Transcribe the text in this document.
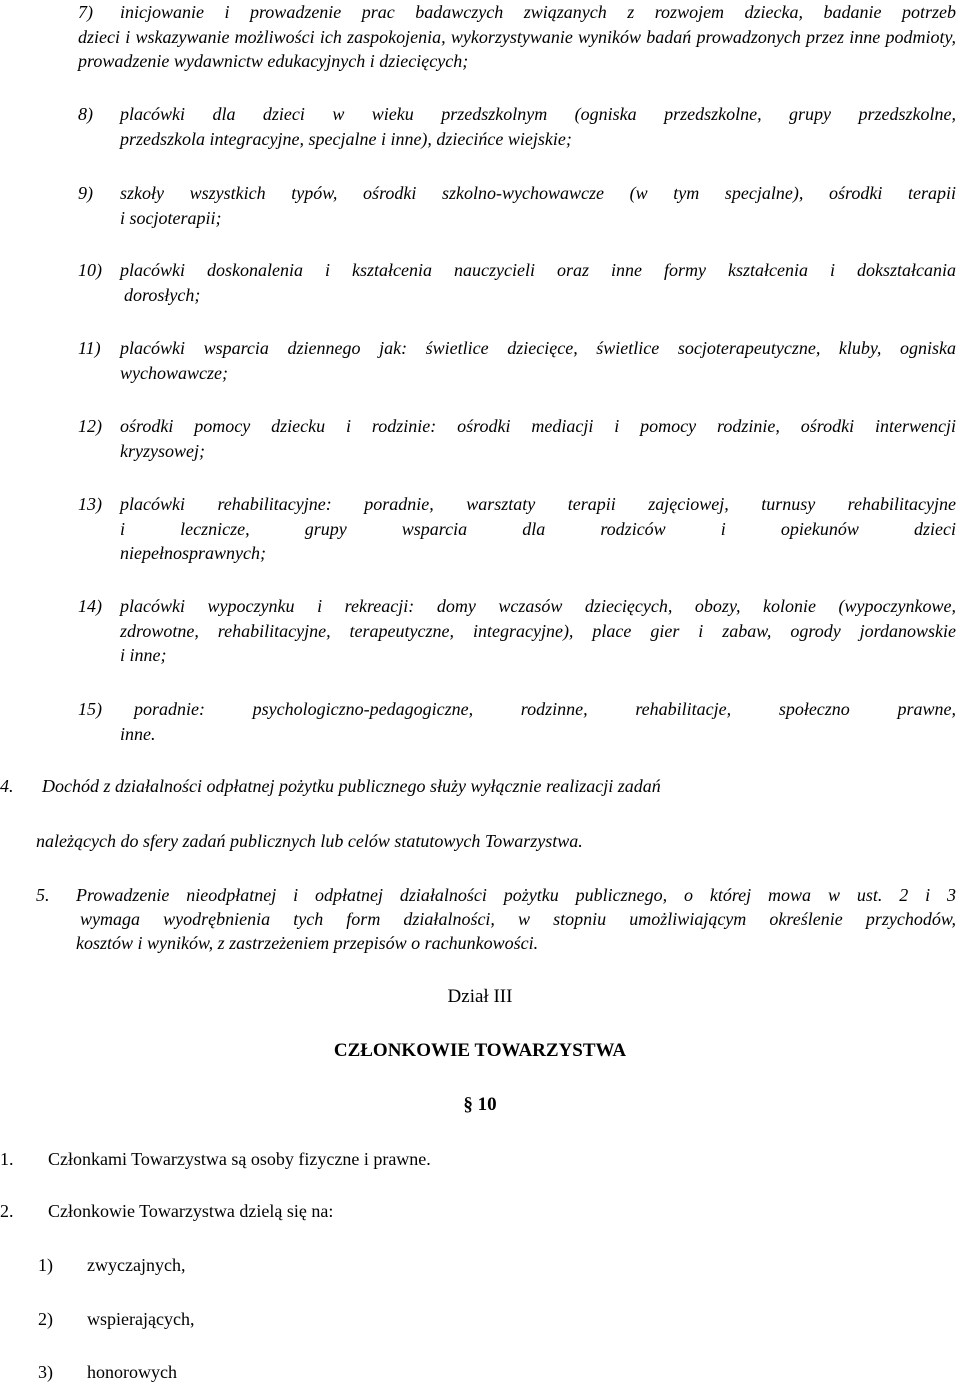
7)	inicjowanie i prowadzenie prac badawczych związanych z rozwojem dziecka, badanie potrzeb
dzieci i wskazywanie możliwości ich zaspokojenia, wykorzystywanie wyników badań prowadzonych przez inne podmioty, prowadzenie wydawnictw edukacyjnych i dziecięcych;
8)	placówki dla dzieci w wieku przedszkolnym (ogniska przedszkolne, grupy przedszkolne,
przedszkola integracyjne, specjalne i inne), dziecińce wiejskie;
9)	szkoły wszystkich typów, ośrodki szkolno-wychowawcze (w tym specjalne), ośrodki terapii
i socjoterapii;
10)	placówki doskonalenia i kształcenia nauczycieli oraz inne formy kształcenia i dokształcania
dorosłych;
11)	placówki wsparcia dziennego jak: świetlice dziecięce, świetlice socjoterapeutyczne, kluby, ogniska
wychowawcze;
12)	ośrodki pomocy dziecku i rodzinie: ośrodki mediacji i pomocy rodzinie, ośrodki interwencji
kryzysowej;
13)	placówki rehabilitacyjne: poradnie, warsztaty terapii zajęciowej, turnusy rehabilitacyjne
i lecznicze, grupy wsparcia dla rodziców i opiekunów dzieci
niepełnosprawnych;
14)	placówki wypoczynku i rekreacji: domy wczasów dziecięcych, obozy, kolonie (wypoczynkowe,
zdrowotne, rehabilitacyjne, terapeutyczne, integracyjne), place gier i zabaw, ogrody jordanowskie
i inne;
15)	poradnie: psychologiczno-pedagogiczne, rodzinne, rehabilitacje, społeczno prawne,
inne.
4. Dochód z działalności odpłatnej pożytku publicznego służy wyłącznie realizacji zadań
należących do sfery zadań publicznych lub celów statutowych Towarzystwa.
5.	Prowadzenie nieodpłatnej i odpłatnej działalności pożytku publicznego, o której mowa w ust. 2 i 3
wymaga wyodrębnienia tych form działalności, w stopniu umożliwiającym określenie przychodów,
kosztów i wyników, z zastrzeżeniem przepisów o rachunkowości.
Dział III
CZŁONKOWIE TOWARZYSTWA
§ 10
1. Członkami Towarzystwa są osoby fizyczne i prawne.
2. Członkowie Towarzystwa dzielą się na:
1) zwyczajnych,
2) wspierających,
3) honorowych
